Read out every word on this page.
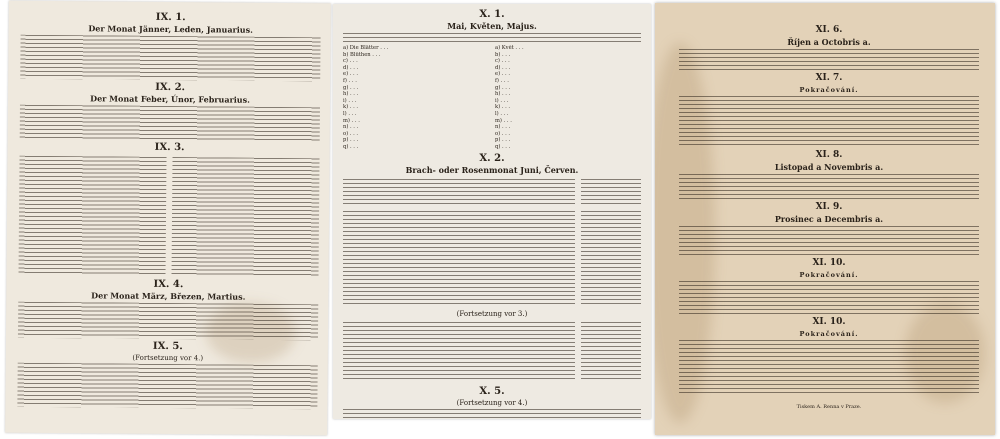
IX. 1.
Der Monat Jänner, Leden, Januarius.
IX. 2.
Der Monat Feber, Únor, Februarius.
IX. 3.
IX. 4.
Der Monat März, Březen, Martius.
IX. 5.
(Fortsetzung vor 4.)
X. 1.
Mai, Květen, Majus.
a) Die Blätter . . .
b) Blüthen . . .
c) . . .
d) . . .
e) . . .
f) . . .
g) . . .
h) . . .
i) . . .
k) . . .
l) . . .
m) . . .
n) . . .
o) . . .
p) . . .
q) . . .
a) Květ . . .
b) . . .
c) . . .
d) . . .
e) . . .
f) . . .
g) . . .
h) . . .
i) . . .
k) . . .
l) . . .
m) . . .
n) . . .
o) . . .
p) . . .
q) . . .
X. 2.
Brach- oder Rosenmonat Juni, Červen.
(Fortsetzung vor 3.)
X. 5.
(Fortsetzung vor 4.)
XI. 6.
Říjen a Octobris a.
XI. 7.
Pokračování.
XI. 8.
Listopad a Novembris a.
XI. 9.
Prosinec a Decembris a.
XI. 10.
Pokračování.
XI. 10.
Pokračování.
Tiskem A. Renna v Praze.
